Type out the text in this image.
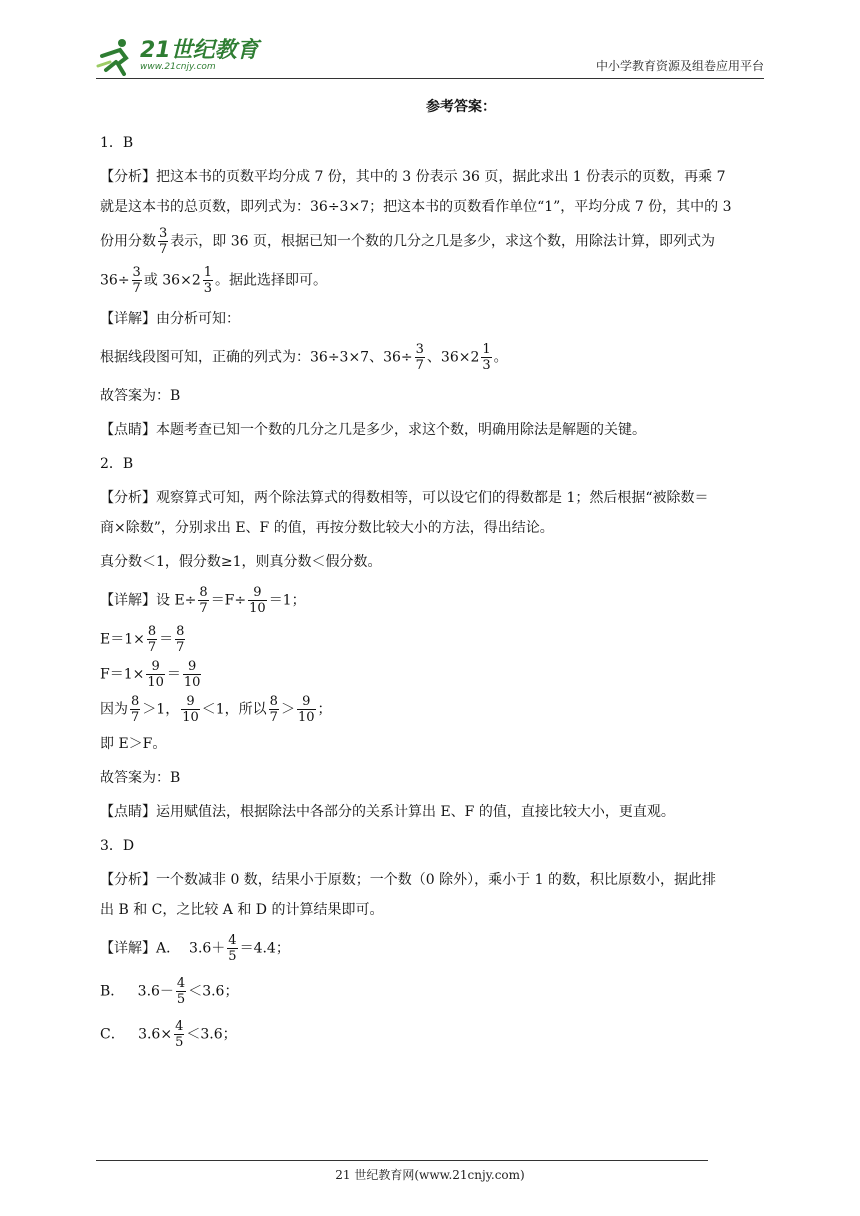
21世纪教育
www.21cnjy.com	中小学教育资源及组卷应用平台
参考答案：

1．B

【分析】把这本书的页数平均分成 7 份，其中的 3 份表示 36 页，据此求出 1 份表示的页数，再乘 7
就是这本书的总页数，即列式为：36÷3×7；把这本书的页数看作单位“1”，平均分成 7 份，其中的 3
份用分数 $\frac{3}{7}$ 表示，即 36 页，根据已知一个数的几分之几是多少，求这个数，用除法计算，即列式为
$36\div \frac{3}{7}$ 或 $36\times 2 \frac{1}{3}$ 。据此选择即可。

【详解】由分析可知：

根据线段图可知，正确的列式为：36÷3×7、$36\div \frac{3}{7}$ 、$36\times 2 \frac{1}{3}$ 。

故答案为：B

【点睛】本题考查已知一个数的几分之几是多少，求这个数，明确用除法是解题的关键。

2．B

【分析】观察算式可知，两个除法算式的得数相等，可以设它们的得数都是 1；然后根据“被除数＝
商×除数”，分别求出 E、F 的值，再按分数比较大小的方法，得出结论。

真分数＜1，假分数≥1，则真分数＜假分数。

【详解】设 $E\div \frac{8}{7} =F\div \frac{9}{10} =1$；

$E=1\times \frac{8}{7} = \frac{8}{7}$

$F=1\times \frac{9}{10} = \frac{9}{10}$

因为 $\frac{8}{7} >1$， $\frac{9}{10} <1$，所以 $\frac{8}{7} > \frac{9}{10}$ ；

即 E＞F。

故答案为：B

【点睛】运用赋值法，根据除法中各部分的关系计算出 E、F 的值，直接比较大小，更直观。

3．D

【分析】一个数减非 0 数，结果小于原数；一个数（0 除外），乘小于 1 的数，积比原数小，据此排
出 B 和 C，之比较 A 和 D 的计算结果即可。

【详解】A． $3.6+ \frac{4}{5} =4.4$；

B． $3.6- \frac{4}{5} <3.6$；

C． $3.6\times \frac{4}{5} <3.6$；

21 世纪教育网(www.21cnjy.com)
